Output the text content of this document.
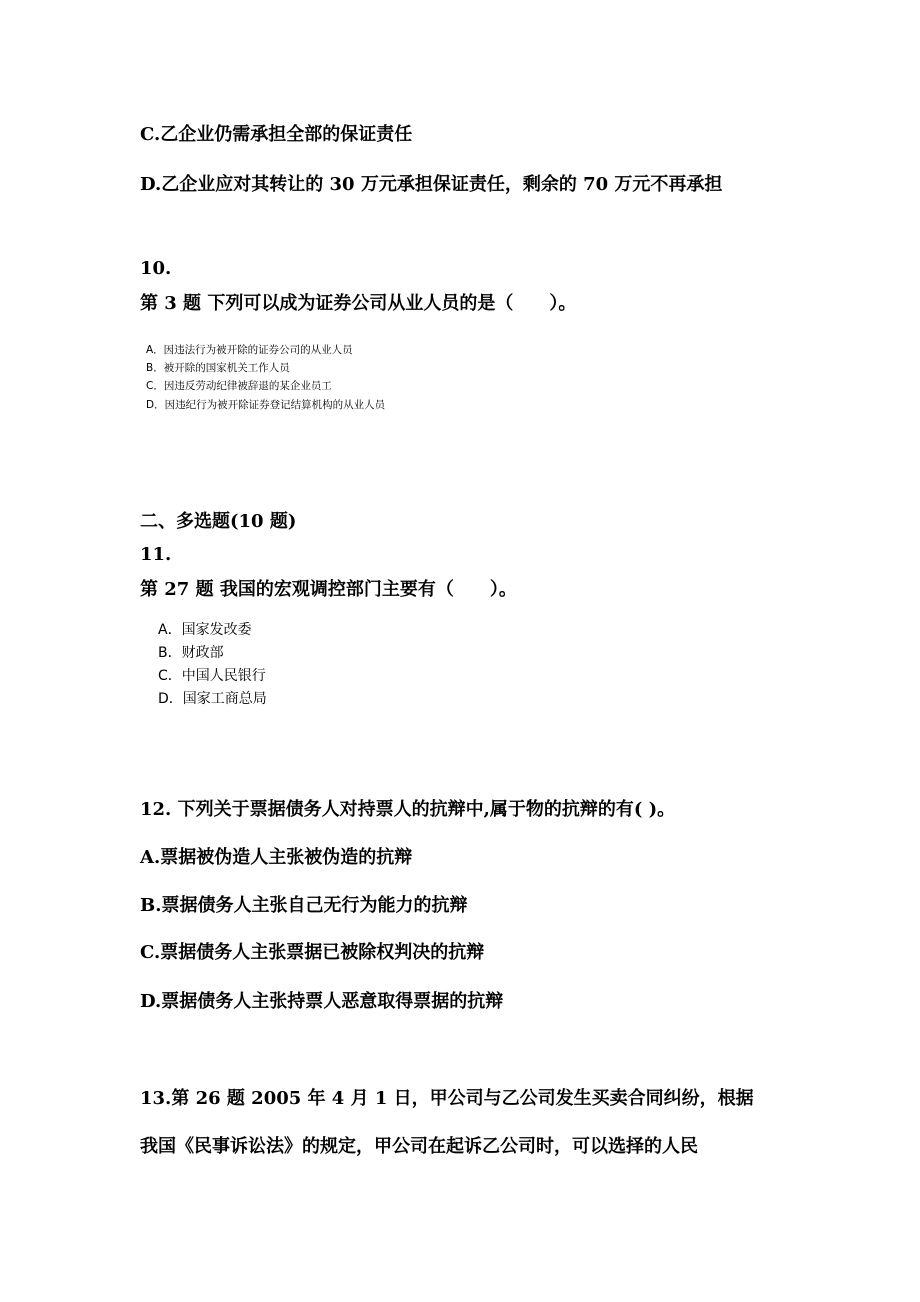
C.乙企业仍需承担全部的保证责任
D.乙企业应对其转让的 30 万元承担保证责任，剩余的 70 万元不再承担
10.
第 3 题 下列可以成为证券公司从业人员的是（　　）。
A．因违法行为被开除的证券公司的从业人员
B．被开除的国家机关工作人员
C．因违反劳动纪律被辞退的某企业员工
D．因违纪行为被开除证券登记结算机构的从业人员
二、多选题(10 题)
11.
第 27 题 我国的宏观调控部门主要有（　　）。
A．国家发改委
B．财政部
C．中国人民银行
D．国家工商总局
12. 下列关于票据债务人对持票人的抗辩中,属于物的抗辩的有( )。
A.票据被伪造人主张被伪造的抗辩
B.票据债务人主张自己无行为能力的抗辩
C.票据债务人主张票据已被除权判决的抗辩
D.票据债务人主张持票人恶意取得票据的抗辩
13.第 26 题 2005 年 4 月 1 日，甲公司与乙公司发生买卖合同纠纷，根据
我国《民事诉讼法》的规定，甲公司在起诉乙公司时，可以选择的人民
